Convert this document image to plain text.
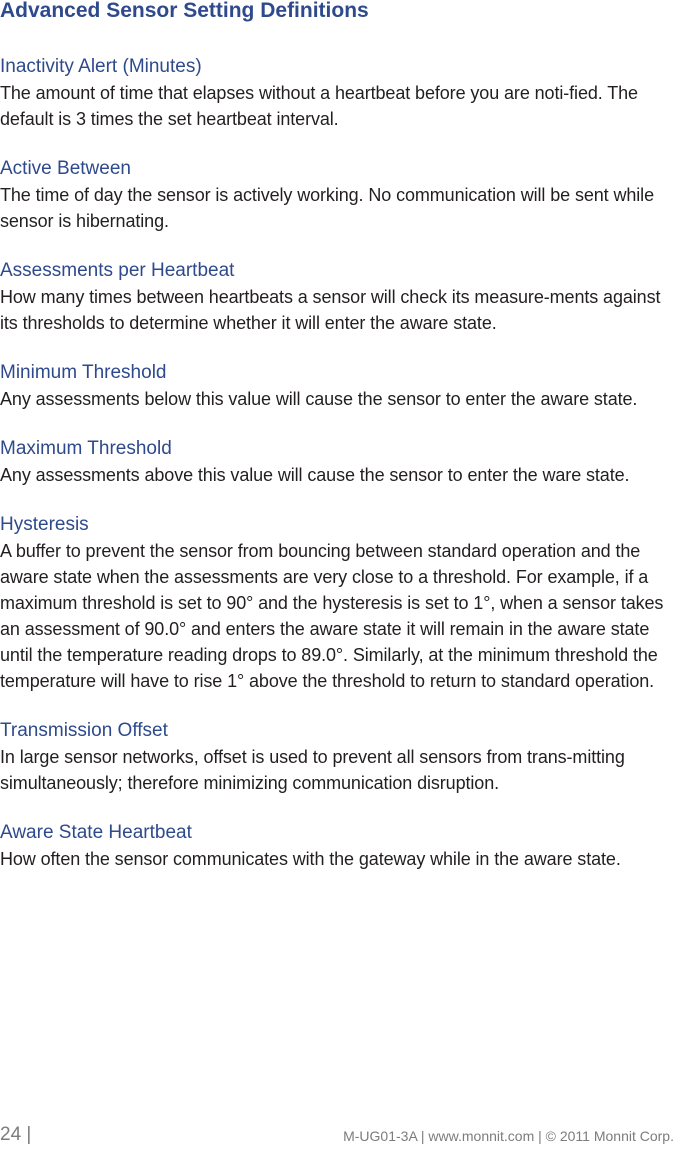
Advanced Sensor Setting Definitions
Inactivity Alert (Minutes)

The amount of time that elapses without a heartbeat before you are noti-fied. The default is 3 times the set heartbeat interval.

Active Between

The time of day the sensor is actively working. No communication will be sent while sensor is hibernating.

Assessments per Heartbeat

How many times between heartbeats a sensor will check its measure-ments against its thresholds to determine whether it will enter the aware state.

Minimum Threshold

Any assessments below this value will cause the sensor to enter the aware state.

Maximum Threshold

Any assessments above this value will cause the sensor to enter the ware state.

Hysteresis

A buffer to prevent the sensor from bouncing between standard operation and the aware state when the assessments are very close to a threshold. For example, if a maximum threshold is set to 90° and the hysteresis is set to 1°, when a sensor takes an assessment of 90.0° and enters the aware state it will remain in the aware state until the temperature reading drops to 89.0°. Similarly, at the minimum threshold the temperature will have to rise 1° above the threshold to return to standard operation.

Transmission Offset

In large sensor networks, offset is used to prevent all sensors from trans-mitting simultaneously; therefore minimizing communication disruption.

Aware State Heartbeat

How often the sensor communicates with the gateway while in the aware state.

24 |	M-UG01-3A | www.monnit.com | © 2011 Monnit Corp.
